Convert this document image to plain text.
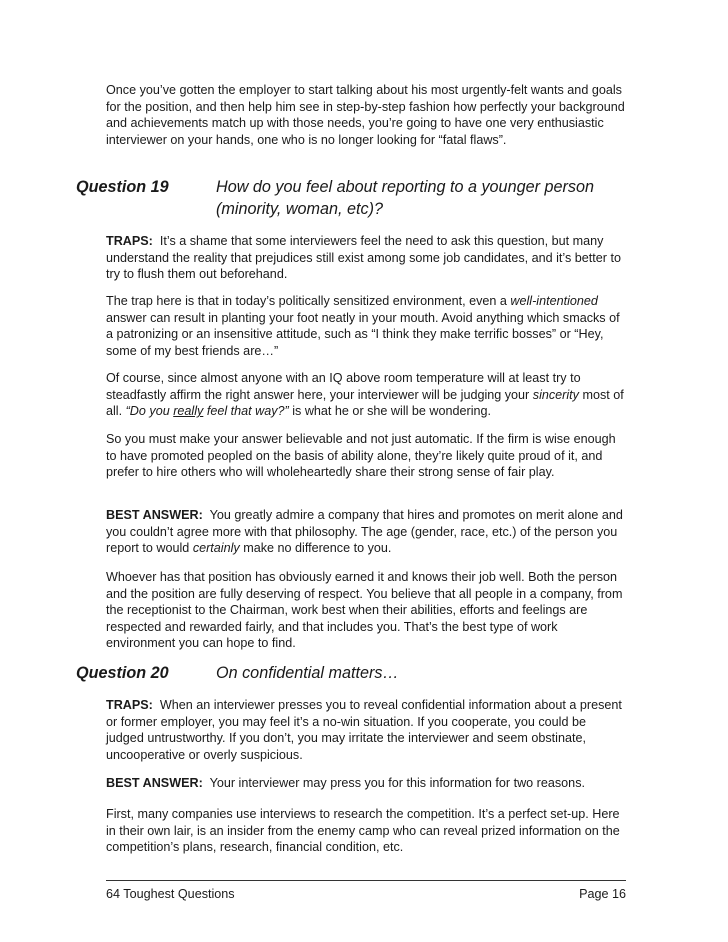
Once you’ve gotten the employer to start talking about his most urgently-felt wants and goals for the position, and then help him see in step-by-step fashion how perfectly your background and achievements match up with those needs, you’re going to have one very enthusiastic interviewer on your hands, one who is no longer looking for “fatal flaws”.

Question 19	How do you feel about reporting to a younger person (minority, woman, etc)?

TRAPS: It’s a shame that some interviewers feel the need to ask this question, but many understand the reality that prejudices still exist among some job candidates, and it’s better to try to flush them out beforehand.

The trap here is that in today’s politically sensitized environment, even a well-intentioned answer can result in planting your foot neatly in your mouth. Avoid anything which smacks of a patronizing or an insensitive attitude, such as “I think they make terrific bosses” or “Hey, some of my best friends are…”

Of course, since almost anyone with an IQ above room temperature will at least try to steadfastly affirm the right answer here, your interviewer will be judging your sincerity most of all. “Do you really feel that way?” is what he or she will be wondering.

So you must make your answer believable and not just automatic. If the firm is wise enough to have promoted peopled on the basis of ability alone, they’re likely quite proud of it, and prefer to hire others who will wholeheartedly share their strong sense of fair play.

BEST ANSWER: You greatly admire a company that hires and promotes on merit alone and you couldn’t agree more with that philosophy. The age (gender, race, etc.) of the person you report to would certainly make no difference to you.

Whoever has that position has obviously earned it and knows their job well. Both the person and the position are fully deserving of respect. You believe that all people in a company, from the receptionist to the Chairman, work best when their abilities, efforts and feelings are respected and rewarded fairly, and that includes you. That’s the best type of work environment you can hope to find.

Question 20	On confidential matters…

TRAPS: When an interviewer presses you to reveal confidential information about a present or former employer, you may feel it’s a no-win situation. If you cooperate, you could be judged untrustworthy. If you don’t, you may irritate the interviewer and seem obstinate, uncooperative or overly suspicious.

BEST ANSWER: Your interviewer may press you for this information for two reasons.

First, many companies use interviews to research the competition. It’s a perfect set-up. Here in their own lair, is an insider from the enemy camp who can reveal prized information on the competition’s plans, research, financial condition, etc.

64 Toughest Questions	Page 16
